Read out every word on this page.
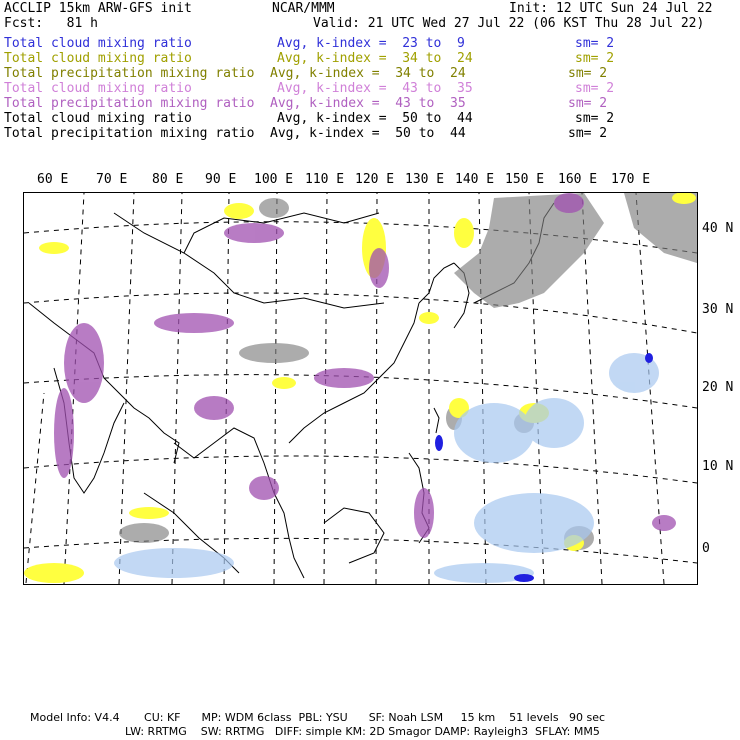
ACCLIP 15km ARW-GFS init	NCAR/MMM	Init: 12 UTC Sun 24 Jul 22
Fcst:   81 h	Valid: 21 UTC Wed 27 Jul 22 (06 KST Thu 28 Jul 22)
Total cloud mixing ratio	Avg, k-index =  23 to  9	sm= 2
Total cloud mixing ratio	Avg, k-index =  34 to  24	sm= 2
Total precipitation mixing ratio Avg, k-index =  34 to  24	sm= 2
Total cloud mixing ratio	Avg, k-index =  43 to  35	sm= 2
Total precipitation mixing ratio Avg, k-index =  43 to  35	sm= 2
Total cloud mixing ratio	Avg, k-index =  50 to  44	sm= 2
Total precipitation mixing ratio Avg, k-index =  50 to  44	sm= 2
60 E 70 E 80 E 90 E 100 E 110 E 120 E 130 E 140 E 150 E 160 E 170 E
40 N
30 N
20 N
10 N
0
Model Info: V4.4       CU: KF      MP: WDM 6class  PBL: YSU      SF: Noah LSM     15 km    51 levels   90 sec
LW: RRTMG    SW: RRTMG   DIFF: simple KM: 2D Smagor DAMP: Rayleigh3  SFLAY: MM5
